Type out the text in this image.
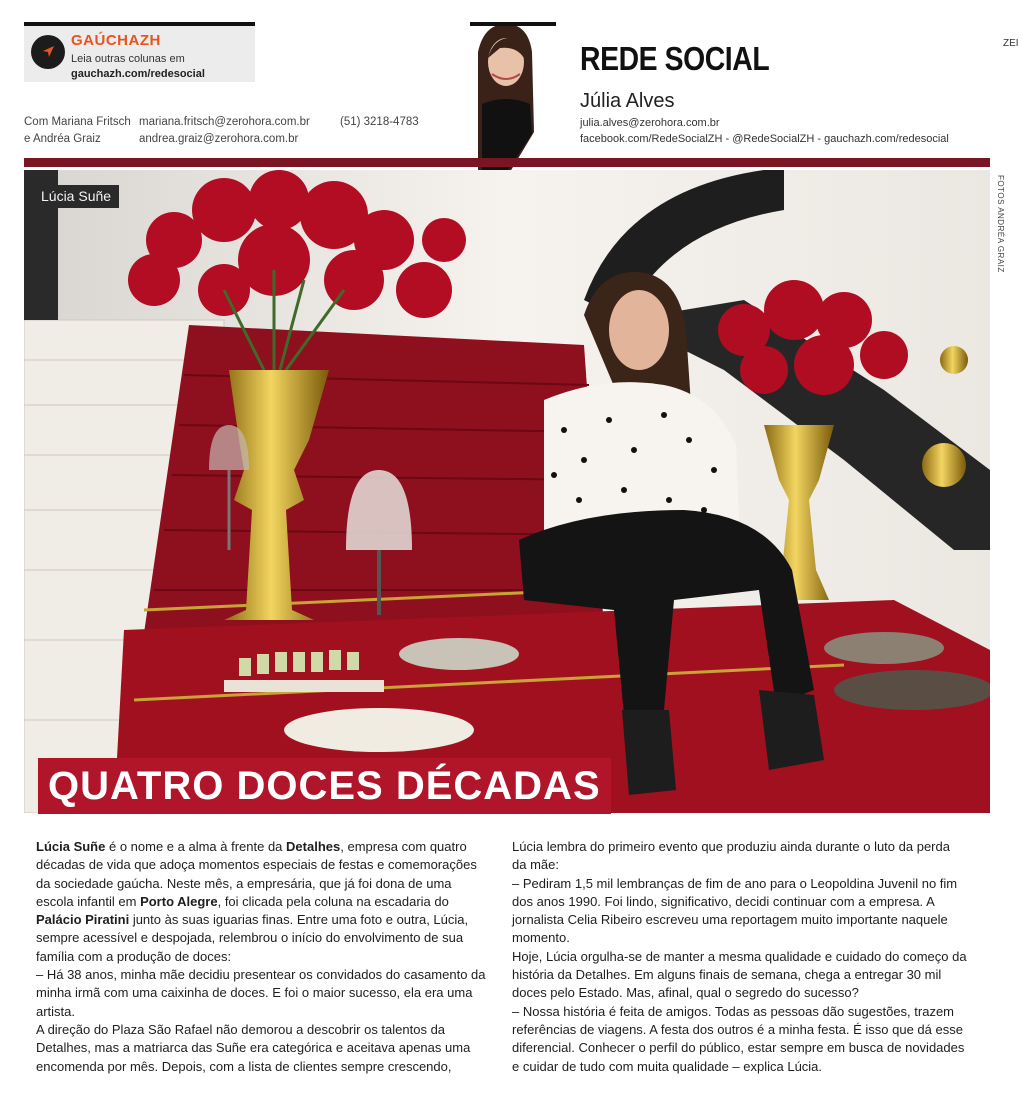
GAÚCHAZH
Leia outras colunas em
gauchazh.com/redesocial
Com Mariana Fritsch
e Andréa Graiz
mariana.fritsch@zerohora.com.br
andrea.graiz@zerohora.com.br
(51) 3218-4783
REDE SOCIAL
Júlia Alves
julia.alves@zerohora.com.br
facebook.com/RedeSocialZH - @RedeSocialZH - gauchazh.com/redesocial
ZEI
Lúcia Suñe	FOTOS ANDRÉA GRAIZ
QUATRO DOCES DÉCADAS

Lúcia Suñe é o nome e a alma à frente da Detalhes, empresa com quatro décadas de vida que adoça momentos especiais de festas e comemorações da sociedade gaúcha. Neste mês, a empresária, que já foi dona de uma escola infantil em Porto Alegre, foi clicada pela coluna na escadaria do Palácio Piratini junto às suas iguarias finas. Entre uma foto e outra, Lúcia, sempre acessível e despojada, relembrou o início do envolvimento de sua família com a produção de doces:

– Há 38 anos, minha mãe decidiu presentear os convidados do casamento da minha irmã com uma caixinha de doces. E foi o maior sucesso, ela era uma artista.

A direção do Plaza São Rafael não demorou a descobrir os talentos da Detalhes, mas a matriarca das Suñe era categórica e aceitava apenas uma encomenda por mês. Depois, com a lista de clientes sempre crescendo,

Lúcia lembra do primeiro evento que produziu ainda durante o luto da perda da mãe:

– Pediram 1,5 mil lembranças de fim de ano para o Leopoldina Juvenil no fim dos anos 1990. Foi lindo, significativo, decidi continuar com a empresa. A jornalista Celia Ribeiro escreveu uma reportagem muito importante naquele momento.

Hoje, Lúcia orgulha-se de manter a mesma qualidade e cuidado do começo da história da Detalhes. Em alguns finais de semana, chega a entregar 30 mil doces pelo Estado. Mas, afinal, qual o segredo do sucesso?

– Nossa história é feita de amigos. Todas as pessoas dão sugestões, trazem referências de viagens. A festa dos outros é a minha festa. É isso que dá esse diferencial. Conhecer o perfil do público, estar sempre em busca de novidades e cuidar de tudo com muita qualidade – explica Lúcia.
